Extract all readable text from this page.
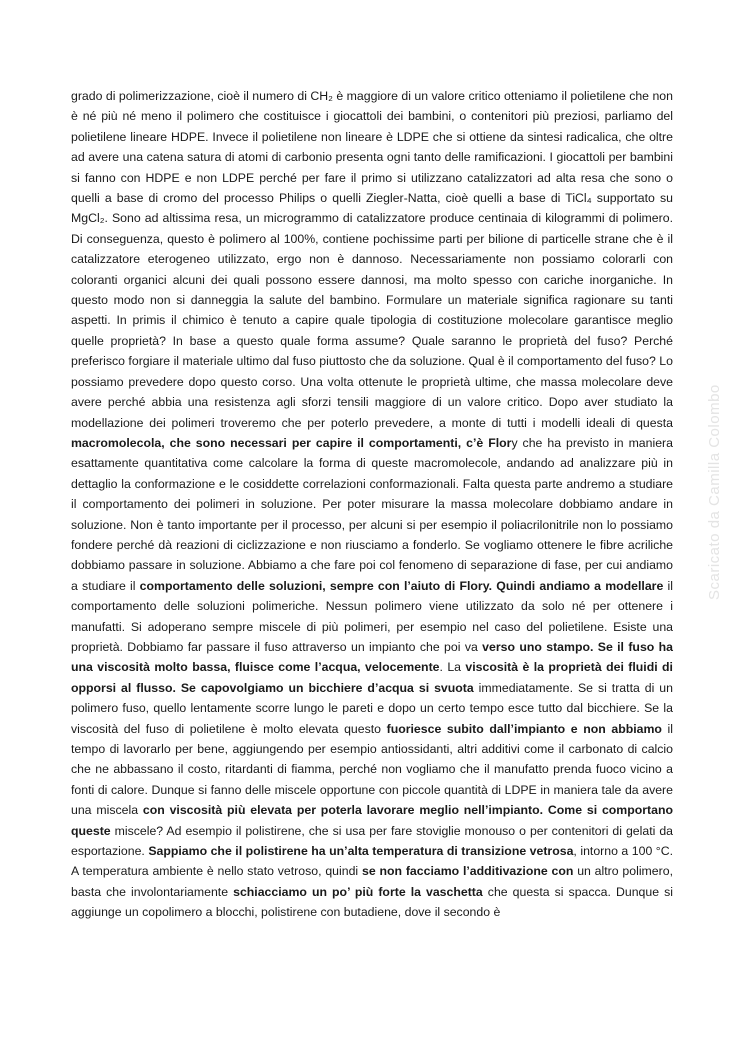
grado di polimerizzazione, cioè il numero di CH₂ è maggiore di un valore critico otteniamo il polietilene che non è né più né meno il polimero che costituisce i giocattoli dei bambini, o contenitori più preziosi, parliamo del polietilene lineare HDPE. Invece il polietilene non lineare è LDPE che si ottiene da sintesi radicalica, che oltre ad avere una catena satura di atomi di carbonio presenta ogni tanto delle ramificazioni. I giocattoli per bambini si fanno con HDPE e non LDPE perché per fare il primo si utilizzano catalizzatori ad alta resa che sono o quelli a base di cromo del processo Philips o quelli Ziegler-Natta, cioè quelli a base di TiCl₄ supportato su MgCl₂. Sono ad altissima resa, un microgrammo di catalizzatore produce centinaia di kilogrammi di polimero. Di conseguenza, questo è polimero al 100%, contiene pochissime parti per bilione di particelle strane che è il catalizzatore eterogeneo utilizzato, ergo non è dannoso. Necessariamente non possiamo colorarli con coloranti organici alcuni dei quali possono essere dannosi, ma molto spesso con cariche inorganiche. In questo modo non si danneggia la salute del bambino. Formulare un materiale significa ragionare su tanti aspetti. In primis il chimico è tenuto a capire quale tipologia di costituzione molecolare garantisce meglio quelle proprietà? In base a questo quale forma assume? Quale saranno le proprietà del fuso? Perché preferisco forgiare il materiale ultimo dal fuso piuttosto che da soluzione. Qual è il comportamento del fuso? Lo possiamo prevedere dopo questo corso. Una volta ottenute le proprietà ultime, che massa molecolare deve avere perché abbia una resistenza agli sforzi tensili maggiore di un valore critico. Dopo aver studiato la modellazione dei polimeri troveremo che per poterlo prevedere, a monte di tutti i modelli ideali di questa macromolecola, che sono necessari per capire il comportamenti, c’è Flory che ha previsto in maniera esattamente quantitativa come calcolare la forma di queste macromolecole, andando ad analizzare più in dettaglio la conformazione e le cosiddette correlazioni conformazionali. Falta questa parte andremo a studiare il comportamento dei polimeri in soluzione. Per poter misurare la massa molecolare dobbiamo andare in soluzione. Non è tanto importante per il processo, per alcuni si per esempio il poliacrilonitrile non lo possiamo fondere perché dà reazioni di ciclizzazione e non riusciamo a fonderlo. Se vogliamo ottenere le fibre acriliche dobbiamo passare in soluzione. Abbiamo a che fare poi col fenomeno di separazione di fase, per cui andiamo a studiare il comportamento delle soluzioni, sempre con l’aiuto di Flory. Quindi andiamo a modellare il comportamento delle soluzioni polimeriche. Nessun polimero viene utilizzato da solo né per ottenere i manufatti. Si adoperano sempre miscele di più polimeri, per esempio nel caso del polietilene. Esiste una proprietà. Dobbiamo far passare il fuso attraverso un impianto che poi va verso uno stampo. Se il fuso ha una viscosità molto bassa, fluisce come l’acqua, velocemente. La viscosità è la proprietà dei fluidi di opporsi al flusso. Se capovolgiamo un bicchiere d’acqua si svuota immediatamente. Se si tratta di un polimero fuso, quello lentamente scorre lungo le pareti e dopo un certo tempo esce tutto dal bicchiere. Se la viscosità del fuso di polietilene è molto elevata questo fuoriesce subito dall’impianto e non abbiamo il tempo di lavorarlo per bene, aggiungendo per esempio antiossidanti, altri additivi come il carbonato di calcio che ne abbassano il costo, ritardanti di fiamma, perché non vogliamo che il manufatto prenda fuoco vicino a fonti di calore. Dunque si fanno delle miscele opportune con piccole quantità di LDPE in maniera tale da avere una miscela con viscosità più elevata per poterla lavorare meglio nell’impianto. Come si comportano queste miscele? Ad esempio il polistirene, che si usa per fare stoviglie monouso o per contenitori di gelati da esportazione. Sappiamo che il polistirene ha un’alta temperatura di transizione vetrosa, intorno a 100 °C. A temperatura ambiente è nello stato vetroso, quindi se non facciamo l’additivazione con un altro polimero, basta che involontariamente schiacciamo un po’ più forte la vaschetta che questa si spacca. Dunque si aggiunge un copolimero a blocchi, polistirene con butadiene, dove il secondo è
Scaricato da Camilla Colombo
